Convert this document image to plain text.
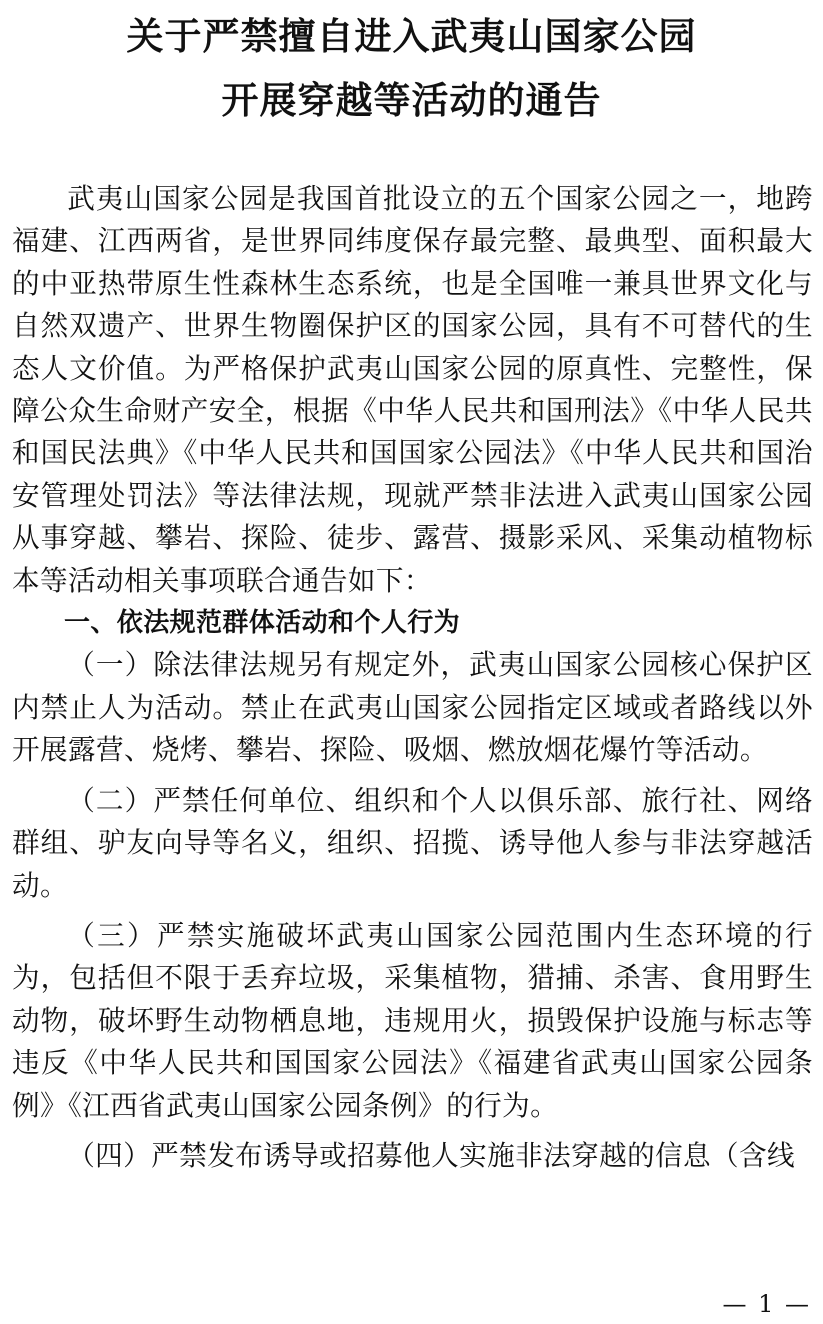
关于严禁擅自进入武夷山国家公园
开展穿越等活动的通告

武夷山国家公园是我国首批设立的五个国家公园之一，地跨福建、江西两省，是世界同纬度保存最完整、最典型、面积最大的中亚热带原生性森林生态系统，也是全国唯一兼具世界文化与自然双遗产、世界生物圈保护区的国家公园，具有不可替代的生态人文价值。为严格保护武夷山国家公园的原真性、完整性，保障公众生命财产安全，根据《中华人民共和国刑法》《中华人民共和国民法典》《中华人民共和国国家公园法》《中华人民共和国治安管理处罚法》等法律法规，现就严禁非法进入武夷山国家公园从事穿越、攀岩、探险、徒步、露营、摄影采风、采集动植物标本等活动相关事项联合通告如下：

一、依法规范群体活动和个人行为

（一）除法律法规另有规定外，武夷山国家公园核心保护区内禁止人为活动。禁止在武夷山国家公园指定区域或者路线以外开展露营、烧烤、攀岩、探险、吸烟、燃放烟花爆竹等活动。

（二）严禁任何单位、组织和个人以俱乐部、旅行社、网络群组、驴友向导等名义，组织、招揽、诱导他人参与非法穿越活动。

（三）严禁实施破坏武夷山国家公园范围内生态环境的行为，包括但不限于丢弃垃圾，采集植物，猎捕、杀害、食用野生动物，破坏野生动物栖息地，违规用火，损毁保护设施与标志等违反《中华人民共和国国家公园法》《福建省武夷山国家公园条例》《江西省武夷山国家公园条例》的行为。

（四）严禁发布诱导或招募他人实施非法穿越的信息（含线

— 1 —
